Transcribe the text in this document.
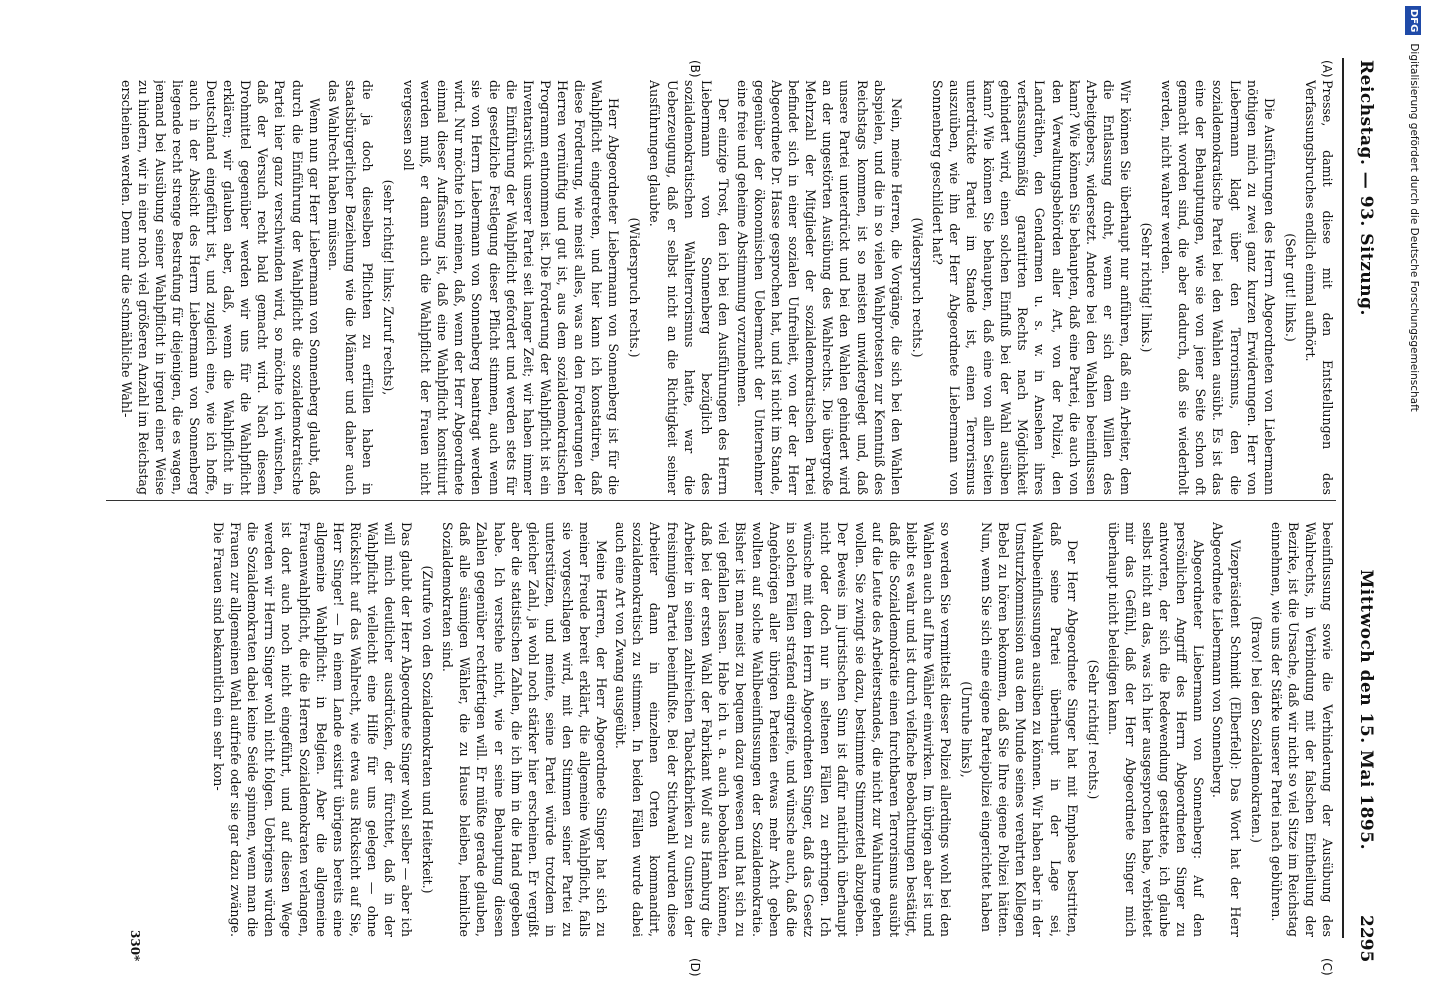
Reichstag. — 93. Sitzung.
Mittwoch den 15. Mai 1895.
2295
(A)
(B)
(C)
(D)

Presse, damit diese mit den Entstellungen des Verfassungsbruches endlich einmal aufhört.

(Sehr gut! links.)

Die Ausführungen des Herrn Abgeordneten von Liebermann nöthigen mich zu zwei ganz kurzen Erwiderungen. Herr von Liebermann klagt über den Terrorismus, den die sozialdemokratische Partei bei den Wahlen ausübt. Es ist das eine der Behauptungen, wie sie von jener Seite schon oft gemacht worden sind, die aber dadurch, daß sie wiederholt werden, nicht wahrer werden.

(Sehr richtig! links.)

Wir können Sie überhaupt nur anführen, daß ein Arbeiter, dem die Entlassung droht, wenn er sich dem Willen des Arbeitgebers, widersetzt. Andere bei den Wahlen beeinflussen kann? Wie können Sie behaupten, daß eine Partei, die auch von den Verwaltungsbehörden aller Art, von der Polizei, den Landräthen, den Gendarmen u. s. w. in Ansehen ihres verfassungsmäßig garantirten Rechts nach Möglichkeit gehindert wird, einen solchen Einfluß bei der Wahl ausüben kann? Wie können Sie behaupten, daß eine von allen Seiten unterdrückte Partei im Stande ist, einen Terrorismus auszuüben, wie ihn der Herr Abgeordnete Liebermann von Sonnenberg geschildert hat?

(Widerspruch rechts.)

Nein, meine Herren, die Vorgänge, die sich bei den Wahlen abspielen, und die in so vielen Wahlprotesten zur Kenntniß des Reichstags kommen, ist so meisten unwidergelegt und, daß unsere Partei unterdrückt und bei den Wahlen gehindert wird an der ungestörten Ausübung des Wahlrechts. Die übergroße Mehrzahl der Mitglieder der sozialdemokratischen Partei befindet sich in einer sozialen Unfreiheit, von der der Herr Abgeordnete Dr. Hasse gesprochen hat, und ist nicht im Stande, gegenüber der ökonomischen Uebermacht der Unternehmer eine freie und geheime Abstimmung vorzunehmen.

Der einzige Trost, den ich bei den Ausführungen des Herrn Liebermann von Sonnenberg bezüglich des sozialdemokratischen Wahlterrorismus hatte, war die Ueberzeugung, daß er selbst nicht an die Richtigkeit seiner Ausführungen glaubte.

(Widerspruch rechts.)

Herr Abgeordneter Liebermann von Sonnenberg ist für die Wahlpflicht eingetreten, und hier kann ich konstatiren, daß diese Forderung, wie meist alles, was an den Forderungen der Herren vernünftig und gut ist, aus dem sozialdemokratischen Programm entnommen ist. Die Forderung der Wahlpflicht ist ein Inventarstück unserer Partei seit langer Zeit; wir haben immer die Einführung der Wahlpflicht gefordert und werden stets für die gesetzliche Festlegung dieser Pflicht stimmen, auch wenn sie von Herrn Liebermann von Sonnenberg beantragt werden wird. Nur möchte ich meinen, daß, wenn der Herr Abgeordnete einmal dieser Auffassung ist, daß eine Wahlpflicht konstituirt werden muß, er dann auch die Wahlpflicht der Frauen nicht vergessen soll

(sehr richtig! links; Zuruf rechts),

die ja doch dieselben Pflichten zu erfüllen haben in staatsbürgerlicher Beziehung wie die Männer und daher auch das Wahlrecht haben müssen.

Wenn nun gar Herr Liebermann von Sonnenberg glaubt, daß durch die Einführung der Wahlpflicht die sozialdemokratische Partei hier ganz verschwinden wird, so möchte ich wünschen, daß der Versuch recht bald gemacht wird. Nach diesem Drohmittel gegenüber werden wir uns für die Wahlpflicht erklären; wir glauben aber, daß, wenn die Wahlpflicht in Deutschland eingeführt ist, und zugleich eine, wie ich hoffe, auch in der Absicht des Herrn Liebermann von Sonnenberg liegende recht strenge Bestrafung für diejenigen, die es wagen, jemand bei Ausübung seiner Wahlpflicht in irgend einer Weise zu hindern, wir in einer noch viel größeren Anzahl im Reichstag erscheinen werden. Denn nur die schmähliche Wahl-

beeinflussung sowie die Verhinderung der Ausübung des Wahlrechts, in Verbindung mit der falschen Eintheilung der Bezirke, ist die Ursache, daß wir nicht so viel Sitze im Reichstag einnehmen, wie uns der Stärke unserer Partei nach gebühren.

(Bravo! bei den Sozialdemokraten.)

Vizepräsident Schmidt (Elberfeld): Das Wort hat der Herr Abgeordnete Liebermann von Sonnenberg.

Abgeordneter Liebermann von Sonnenberg: Auf den persönlichen Angriff des Herrn Abgeordneten Singer zu antworten, der sich die Redewendung gestattete, ich glaube selbst nicht an das, was ich hier ausgesprochen habe, verbietet mir das Gefühl, daß der Herr Abgeordnete Singer mich überhaupt nicht beleidigen kann.

(Sehr richtig! rechts.)

Der Herr Abgeordnete Singer hat mit Emphase bestritten, daß seine Partei überhaupt in der Lage sei, Wahlbeeinflussungen ausüben zu können. Wir haben aber in der Umsturzkommission aus dem Munde seines verehrten Kollegen Bebel zu hören bekommen, daß Sie Ihre eigene Polizei hätten. Nun, wenn Sie sich eine eigene Parteipolizei eingerichtet haben

(Unruhe links),

so werden Sie vermittelst dieser Polizei allerdings wohl bei den Wahlen auch auf Ihre Wähler einwirken. Im übrigen aber ist und bleibt es wahr und ist durch vielfache Beobachtungen bestätigt, daß die Sozialdemokratie einen furchtbaren Terrorismus ausübt auf die Leute des Arbeiterstandes, die nicht zur Wahlurne gehen wollen. Sie zwingt sie dazu, bestimmte Stimmzettel abzugeben. Der Beweis im juristischen Sinn ist dafür natürlich überhaupt nicht oder doch nur in seltenen Fällen zu erbringen. Ich wünsche mit dem Herrn Abgeordneten Singer, daß das Gesetz in solchen Fällen strafend eingreife, und wünsche auch, daß die Angehörigen aller übrigen Parteien etwas mehr Acht geben wollten auf solche Wahlbeeinflussungen der Sozialdemokratie. Bisher ist man meist zu bequem dazu gewesen und hat sich zu viel gefallen lassen. Habe ich u. a. auch beobachten können, daß bei der ersten Wahl der Fabrikant Wolf aus Hamburg die Arbeiter in seinen zahlreichen Tabackfabriken zu Gunsten der freisinnigen Partei beeinflußte. Bei der Stichwahl wurden diese Arbeiter dann in einzelnen Orten kommandirt, sozialdemokratisch zu stimmen. In beiden Fällen wurde dabei auch eine Art von Zwang ausgeübt.

Meine Herren, der Herr Abgeordnete Singer hat sich zu meiner Freude bereit erklärt, die allgemeine Wahlpflicht, falls sie vorgeschlagen wird, mit den Stimmen seiner Partei zu unterstützen, und meinte, seine Partei würde trotzdem in gleicher Zahl, ja wohl noch stärker hier erscheinen. Er vergißt aber die statistischen Zahlen, die ich ihm in die Hand gegeben habe. Ich verstehe nicht, wie er seine Behauptung diesen Zahlen gegenüber rechtfertigen will. Er müßte gerade glauben, daß alle säumigen Wähler, die zu Hause bleiben, heimliche Sozialdemokraten sind.

(Zurufe von den Sozialdemokraten und Heiterkeit.)

Das glaubt der Herr Abgeordnete Singer wohl selber — aber ich will mich deutlicher ausdrücken, der fürchtet, daß in der Wahlpflicht vielleicht eine Hilfe für uns gelegen — ohne Rücksicht auf das Wahlrecht, wie etwa aus Rücksicht auf Sie, Herr Singer! — In einem Lande existirt übrigens bereits eine allgemeine Wahlpflicht: in Belgien. Aber die allgemeine Frauenwahlpflicht, die die Herren Sozialdemokraten verlangen, ist dort auch noch nicht eingeführt, und auf diesen Wege werden wir Herrn Singer wohl nicht folgen. Uebrigens würden die Sozialdemokraten dabei keine Seide spinnen, wenn man die Frauen zur allgemeinen Wahl aufriefe oder sie gar dazu zwänge. Die Frauen sind bekanntlich ein sehr kon-

330*
DFGDigitalisierung gefördert durch die Deutsche Forschungsgemeinschaft
